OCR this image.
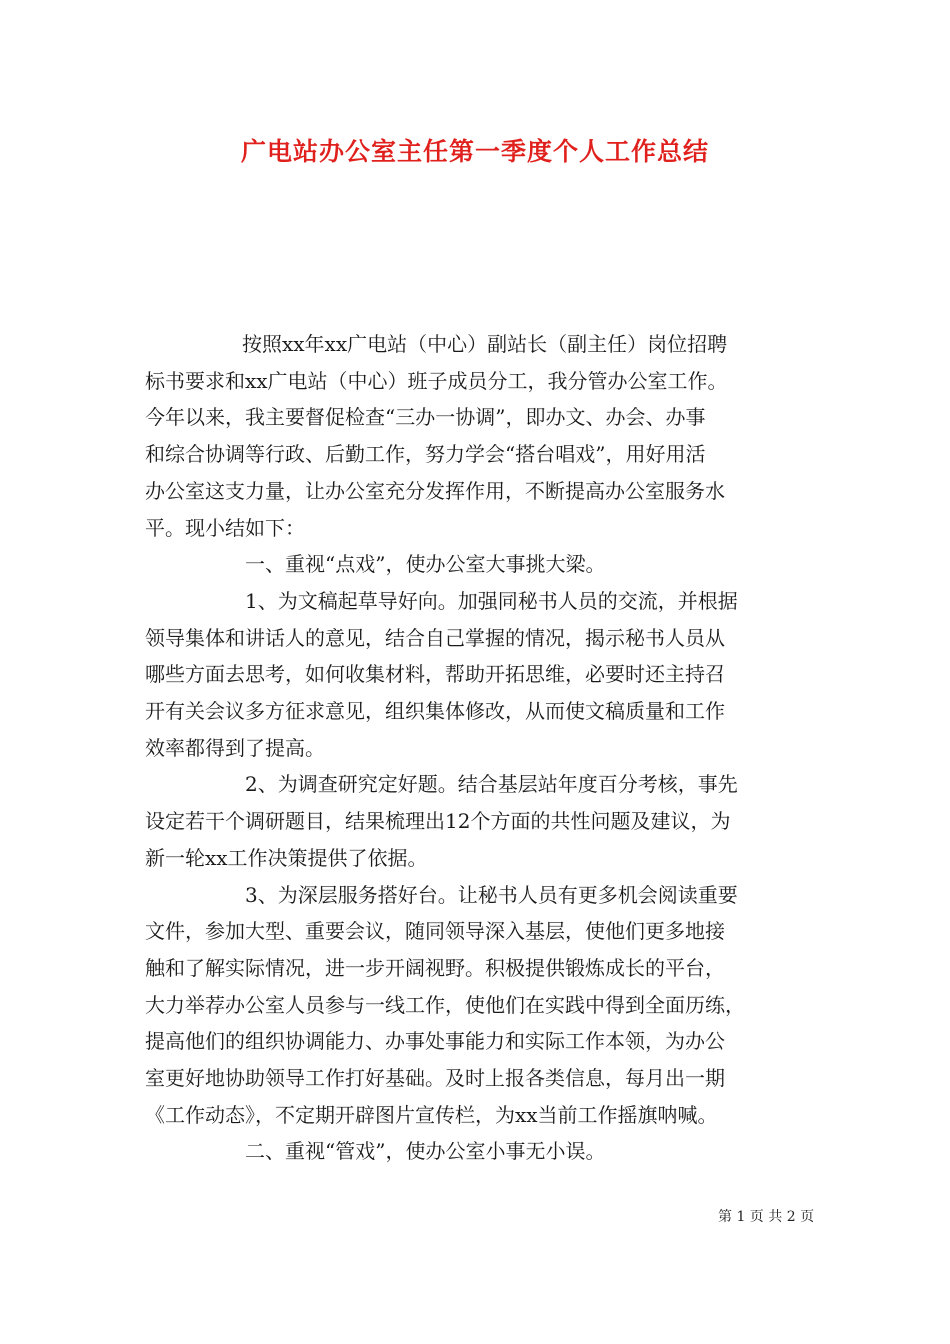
广电站办公室主任第一季度个人工作总结
按照xx年xx广电站（中心）副站长（副主任）岗位招聘
标书要求和xx广电站（中心）班子成员分工，我分管办公室工作。
今年以来，我主要督促检查“三办一协调”，即办文、办会、办事
和综合协调等行政、后勤工作，努力学会“搭台唱戏”，用好用活
办公室这支力量，让办公室充分发挥作用，不断提高办公室服务水
平。现小结如下：
一、重视“点戏”，使办公室大事挑大梁。
1、为文稿起草导好向。加强同秘书人员的交流，并根据
领导集体和讲话人的意见，结合自己掌握的情况，揭示秘书人员从
哪些方面去思考，如何收集材料，帮助开拓思维，必要时还主持召
开有关会议多方征求意见，组织集体修改，从而使文稿质量和工作
效率都得到了提高。
2、为调查研究定好题。结合基层站年度百分考核，事先
设定若干个调研题目，结果梳理出12个方面的共性问题及建议，为
新一轮xx工作决策提供了依据。
3、为深层服务搭好台。让秘书人员有更多机会阅读重要
文件，参加大型、重要会议，随同领导深入基层，使他们更多地接
触和了解实际情况，进一步开阔视野。积极提供锻炼成长的平台，
大力举荐办公室人员参与一线工作，使他们在实践中得到全面历练，
提高他们的组织协调能力、办事处事能力和实际工作本领，为办公
室更好地协助领导工作打好基础。及时上报各类信息，每月出一期
《工作动态》，不定期开辟图片宣传栏，为xx当前工作摇旗呐喊。
二、重视“管戏”，使办公室小事无小误。
第 1 页 共 2 页
